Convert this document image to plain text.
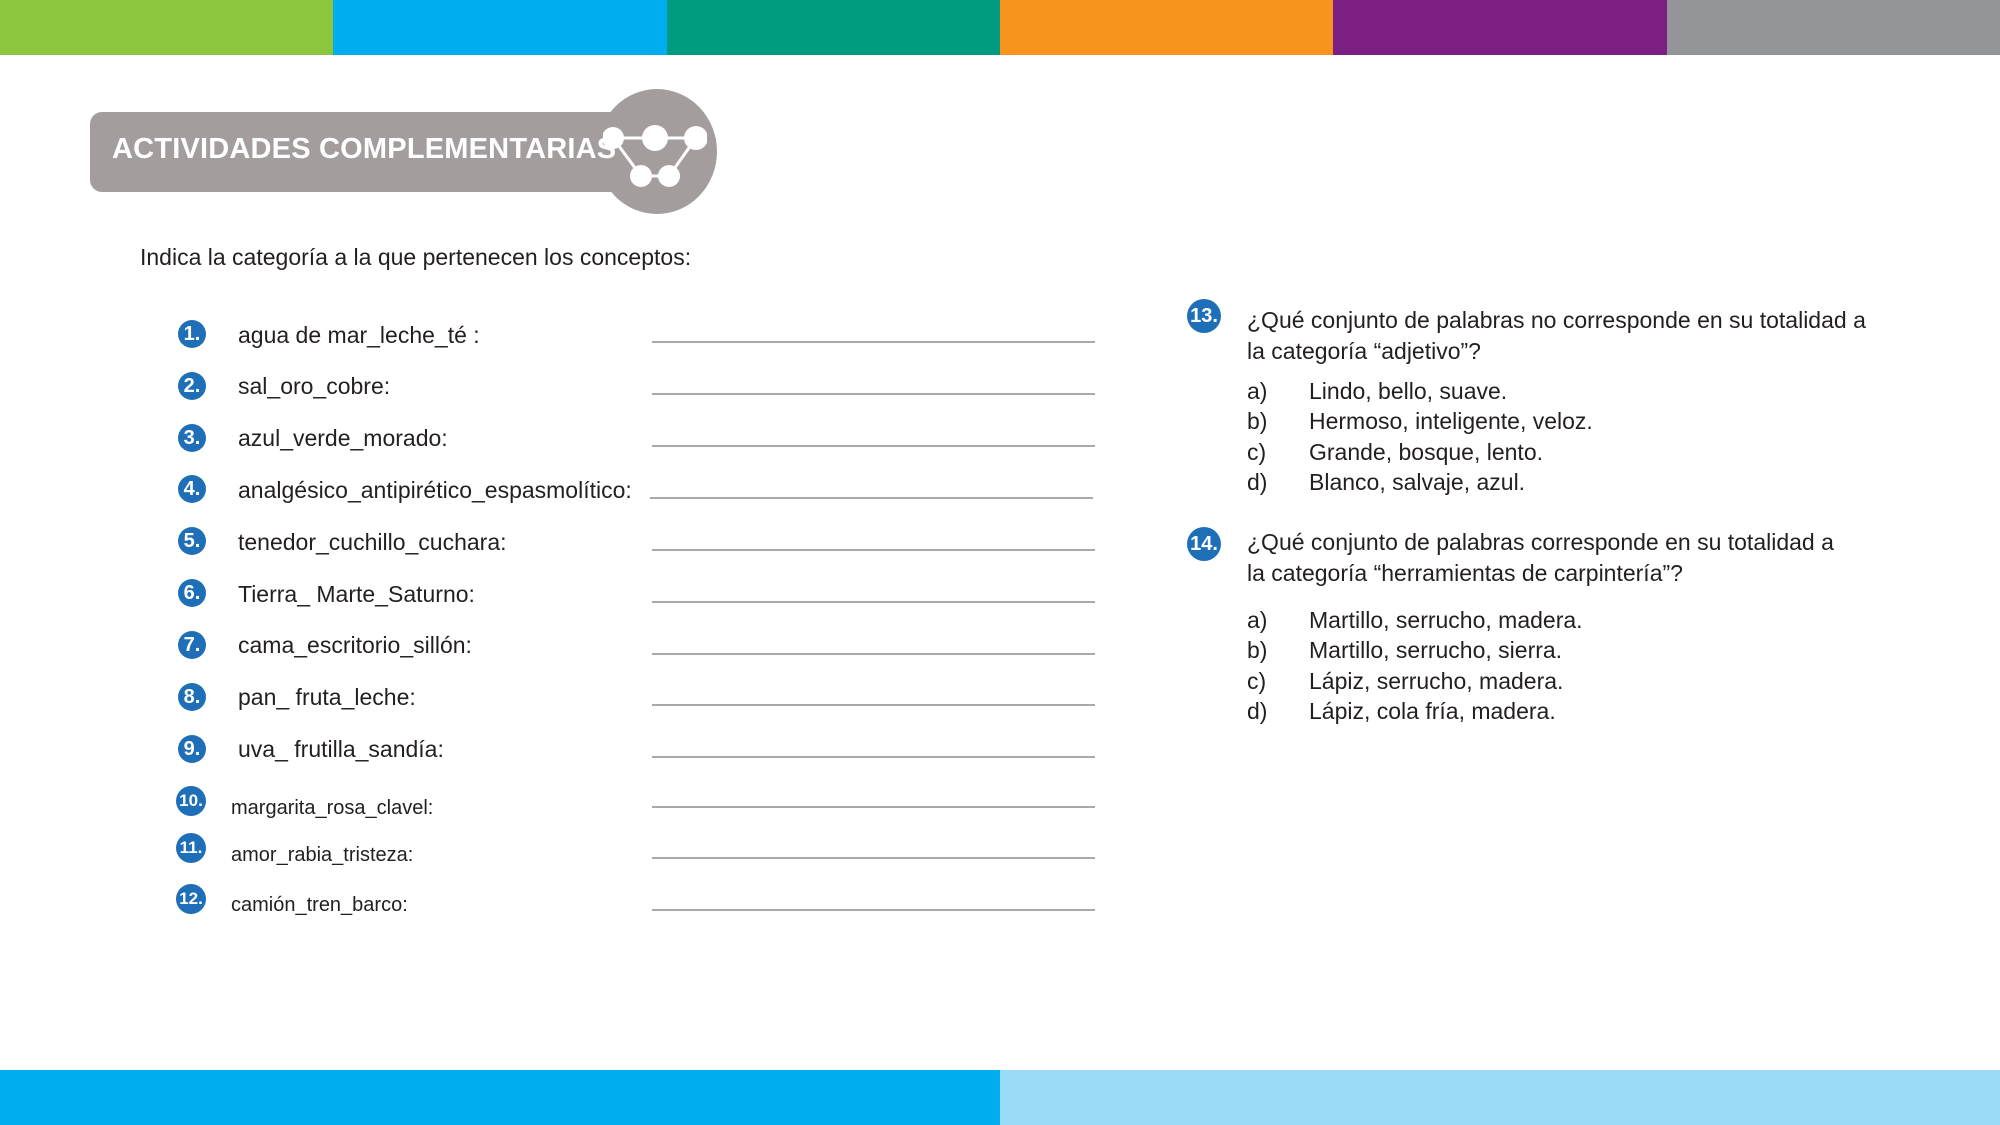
ACTIVIDADES COMPLEMENTARIAS
Indica la categoría a la que pertenecen los conceptos:
1. agua de mar_leche_té :
2. sal_oro_cobre:
3. azul_verde_morado:
4. analgésico_antipirético_espasmolítico:
5. tenedor_cuchillo_cuchara:
6. Tierra_ Marte_Saturno:
7. cama_escritorio_sillón:
8. pan_ fruta_leche:
9. uva_ frutilla_sandía:
10. margarita_rosa_clavel:
11. amor_rabia_tristeza:
12. camión_tren_barco:
13. ¿Qué conjunto de palabras no corresponde en su totalidad a
la categoría “adjetivo”?
a) Lindo, bello, suave.
b) Hermoso, inteligente, veloz.
c) Grande, bosque, lento.
d) Blanco, salvaje, azul.
14. ¿Qué conjunto de palabras corresponde en su totalidad a
la categoría “herramientas de carpintería”?
a) Martillo, serrucho, madera.
b) Martillo, serrucho, sierra.
c) Lápiz, serrucho, madera.
d) Lápiz, cola fría, madera.
